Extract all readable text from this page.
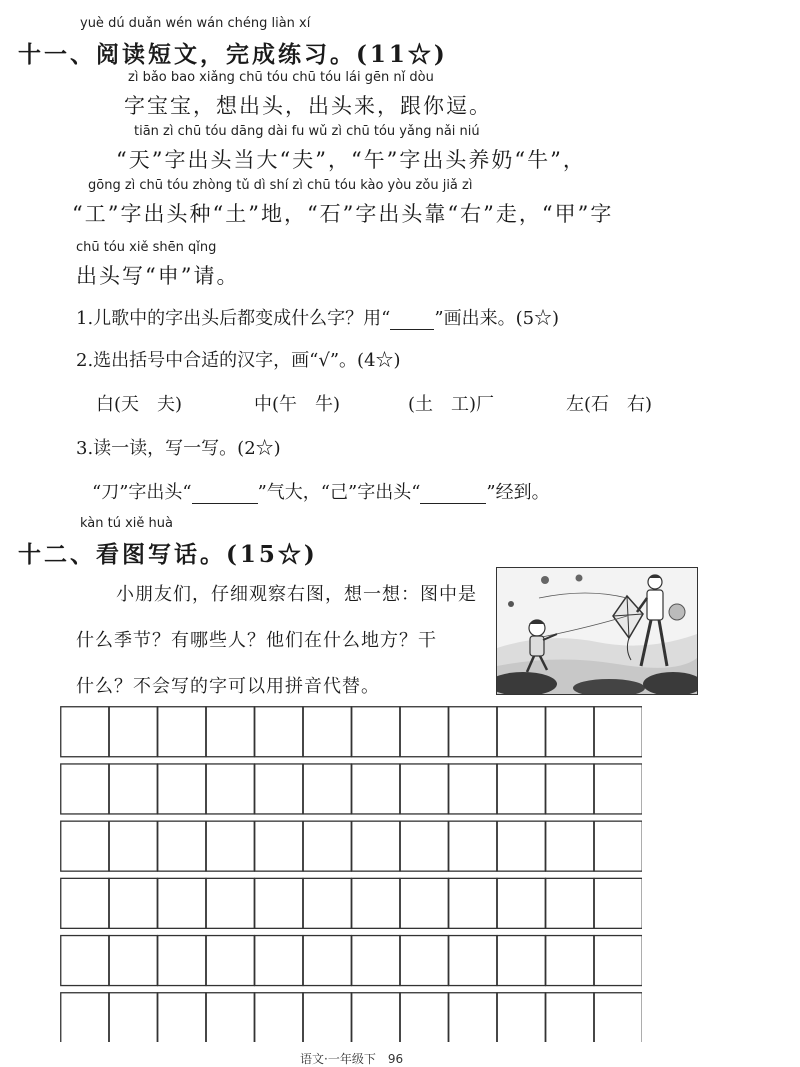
yuè dú duǎn wén wán chéng liàn xí
十一、阅读短文，完成练习。(11☆)
zì bǎo bao xiǎng chū tóu chū tóu lái gēn nǐ dòu
字宝宝，想出头，出头来，跟你逗。
tiān zì chū tóu dāng dài fu wǔ zì chū tóu yǎng nǎi niú
“天”字出头当大“夫”，“午”字出头养奶“牛”，
gōng zì chū tóu zhòng tǔ dì shí zì chū tóu kào yòu zǒu jiǎ zì
“工”字出头种“土”地，“石”字出头靠“右”走，“甲”字
chū tóu xiě shēn qǐng
出头写“申”请。
1.儿歌中的字出头后都变成什么字？用“ ”画出来。(5☆)
2.选出括号中合适的汉字，画“√”。(4☆)
白(天　夫)	中(午　牛)	(土　工)厂	左(石　右)
3.读一读，写一写。(2☆)
“刀”字出头“	”气大，“己”字出头“	”经到。
kàn tú xiě huà
十二、看图写话。(15☆)
小朋友们，仔细观察右图，想一想：图中是
什么季节？有哪些人？他们在什么地方？干
什么？不会写的字可以用拼音代替。
语文·一年级下　96
